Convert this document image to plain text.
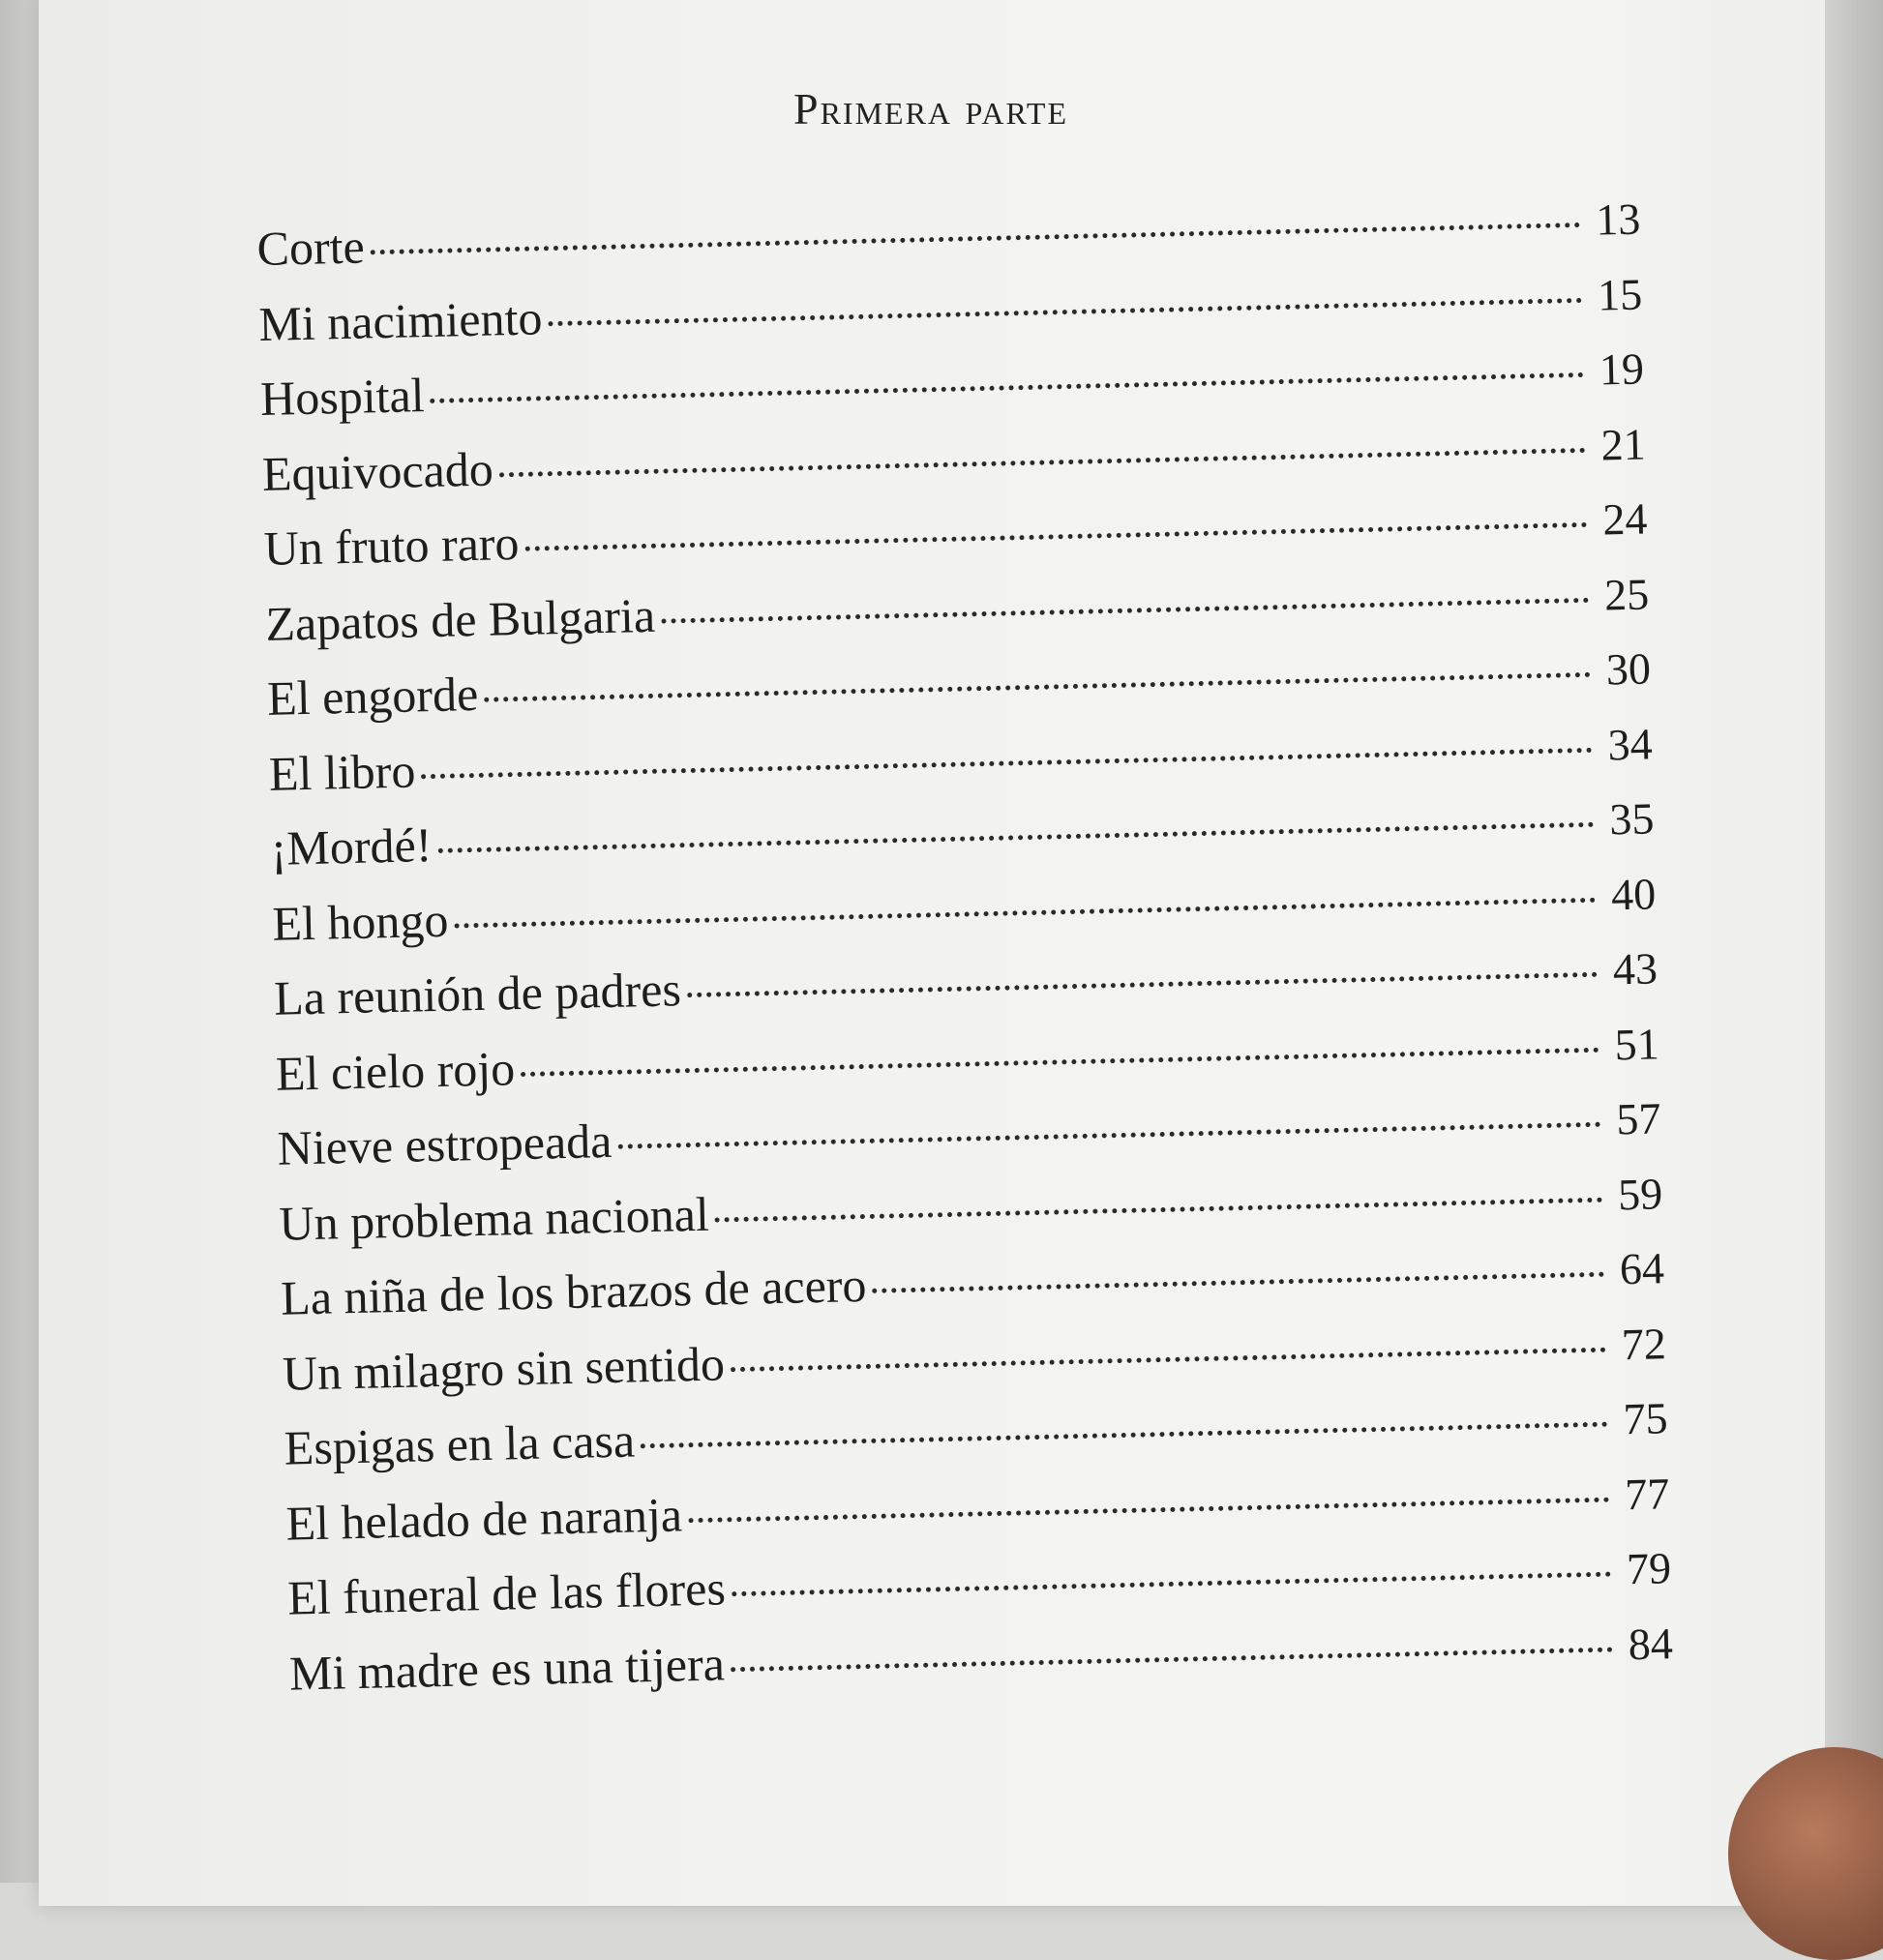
Primera parte
Corte	13
Mi nacimiento	15
Hospital	19
Equivocado	21
Un fruto raro	24
Zapatos de Bulgaria	25
El engorde	30
El libro	34
¡Mordé!	35
El hongo	40
La reunión de padres	43
El cielo rojo	51
Nieve estropeada	57
Un problema nacional	59
La niña de los brazos de acero	64
Un milagro sin sentido	72
Espigas en la casa	75
El helado de naranja	77
El funeral de las flores	79
Mi madre es una tijera	84
